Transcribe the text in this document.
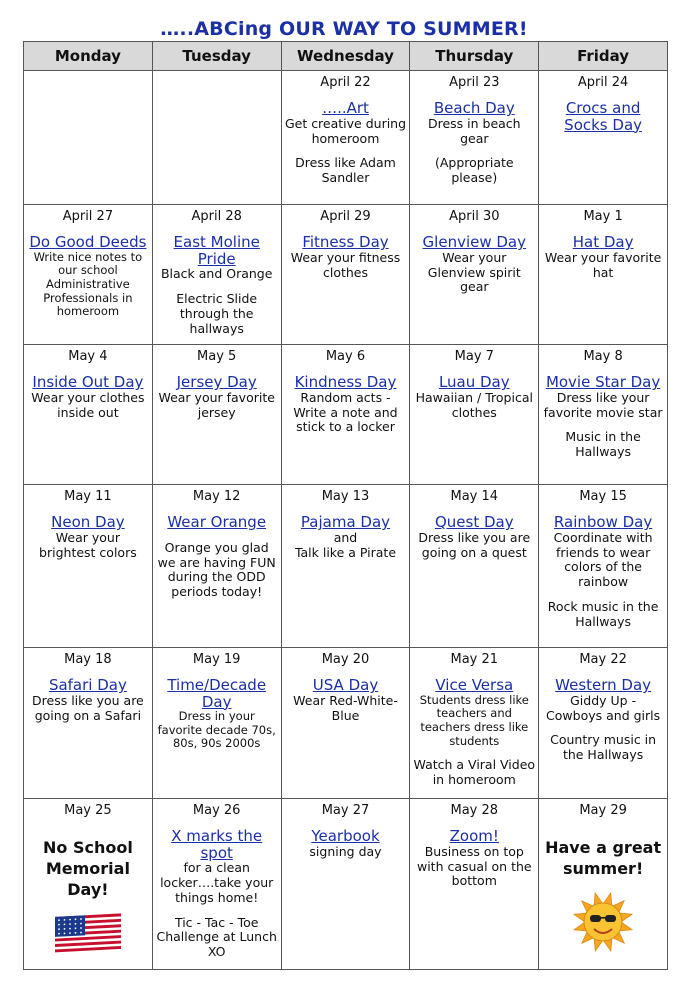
…..ABCing OUR WAY TO SUMMER!
Monday	Tuesday	Wednesday	Thursday	Friday

		April 22
…..Art
Get creative during homeroom
Dress like Adam Sandler	April 23
Beach Day
Dress in beach gear
(Appropriate please)	April 24
Crocs and Socks Day

April 27
Do Good Deeds
Write nice notes to our school Administrative Professionals in homeroom	April 28
East Moline Pride
Black and Orange
Electric Slide through the hallways	April 29
Fitness Day
Wear your fitness clothes	April 30
Glenview Day
Wear your Glenview spirit gear	May 1
Hat Day
Wear your favorite hat

May 4
Inside Out Day
Wear your clothes inside out	May 5
Jersey Day
Wear your favorite jersey	May 6
Kindness Day
Random acts - Write a note and stick to a locker	May 7
Luau Day
Hawaiian / Tropical clothes	May 8
Movie Star Day
Dress like your favorite movie star
Music in the Hallways

May 11
Neon Day
Wear your brightest colors	May 12
Wear Orange
Orange you glad we are having FUN during the ODD periods today!	May 13
Pajama Day
and
Talk like a Pirate	May 14
Quest Day
Dress like you are going on a quest	May 15
Rainbow Day
Coordinate with friends to wear colors of the rainbow
Rock music in the Hallways

May 18
Safari Day
Dress like you are going on a Safari	May 19
Time/Decade Day
Dress in your favorite decade 70s, 80s, 90s 2000s	May 20
USA Day
Wear Red-White-Blue	May 21
Vice Versa
Students dress like teachers and teachers dress like students
Watch a Viral Video in homeroom	May 22
Western Day
Giddy Up - Cowboys and girls
Country music in the Hallways

May 25
No School
Memorial Day!	May 26
X marks the spot
for a clean locker….take your things home!
Tic - Tac - Toe Challenge at Lunch XO	May 27
Yearbook
signing day	May 28
Zoom!
Business on top with casual on the bottom	May 29
Have a great
summer!
